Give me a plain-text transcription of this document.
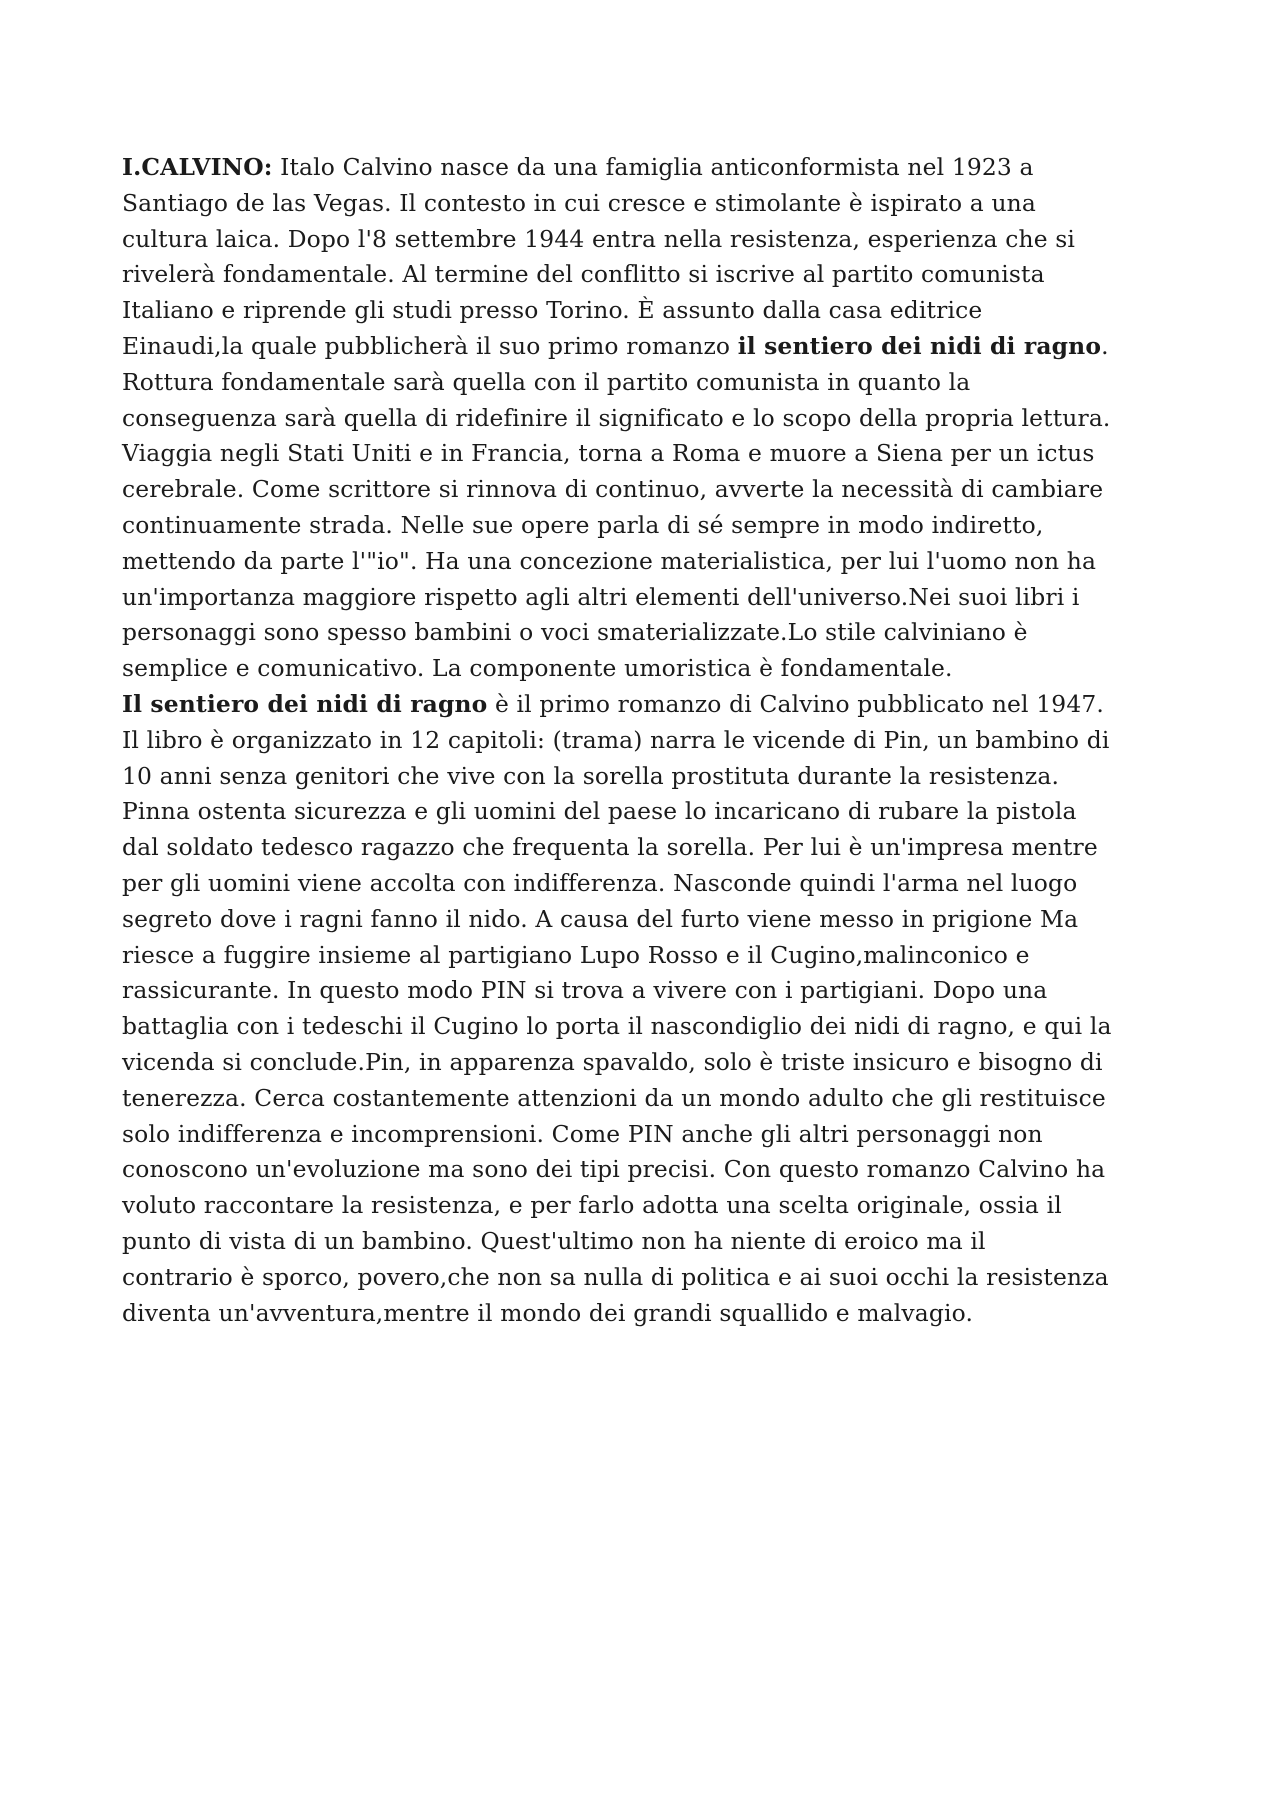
I.CALVINO: Italo Calvino nasce da una famiglia anticonformista nel 1923 a
Santiago de las Vegas. Il contesto in cui cresce e stimolante è ispirato a una
cultura laica. Dopo l'8 settembre 1944 entra nella resistenza, esperienza che si
rivelerà fondamentale. Al termine del conflitto si iscrive al partito comunista
Italiano e riprende gli studi presso Torino. È assunto dalla casa editrice
Einaudi,la quale pubblicherà il suo primo romanzo il sentiero dei nidi di ragno.
Rottura fondamentale sarà quella con il partito comunista in quanto la
conseguenza sarà quella di ridefinire il significato e lo scopo della propria lettura.
Viaggia negli Stati Uniti e in Francia, torna a Roma e muore a Siena per un ictus
cerebrale. Come scrittore si rinnova di continuo, avverte la necessità di cambiare
continuamente strada. Nelle sue opere parla di sé sempre in modo indiretto,
mettendo da parte l'"io". Ha una concezione materialistica, per lui l'uomo non ha
un'importanza maggiore rispetto agli altri elementi dell'universo.Nei suoi libri i
personaggi sono spesso bambini o voci smaterializzate.Lo stile calviniano è
semplice e comunicativo. La componente umoristica è fondamentale.
Il sentiero dei nidi di ragno è il primo romanzo di Calvino pubblicato nel 1947.
Il libro è organizzato in 12 capitoli: (trama) narra le vicende di Pin, un bambino di
10 anni senza genitori che vive con la sorella prostituta durante la resistenza.
Pinna ostenta sicurezza e gli uomini del paese lo incaricano di rubare la pistola
dal soldato tedesco ragazzo che frequenta la sorella. Per lui è un'impresa mentre
per gli uomini viene accolta con indifferenza. Nasconde quindi l'arma nel luogo
segreto dove i ragni fanno il nido. A causa del furto viene messo in prigione Ma
riesce a fuggire insieme al partigiano Lupo Rosso e il Cugino,malinconico e
rassicurante. In questo modo PIN si trova a vivere con i partigiani. Dopo una
battaglia con i tedeschi il Cugino lo porta il nascondiglio dei nidi di ragno, e qui la
vicenda si conclude.Pin, in apparenza spavaldo, solo è triste insicuro e bisogno di
tenerezza. Cerca costantemente attenzioni da un mondo adulto che gli restituisce
solo indifferenza e incomprensioni. Come PIN anche gli altri personaggi non
conoscono un'evoluzione ma sono dei tipi precisi. Con questo romanzo Calvino ha
voluto raccontare la resistenza, e per farlo adotta una scelta originale, ossia il
punto di vista di un bambino. Quest'ultimo non ha niente di eroico ma il
contrario è sporco, povero,che non sa nulla di politica e ai suoi occhi la resistenza
diventa un'avventura,mentre il mondo dei grandi squallido e malvagio.
